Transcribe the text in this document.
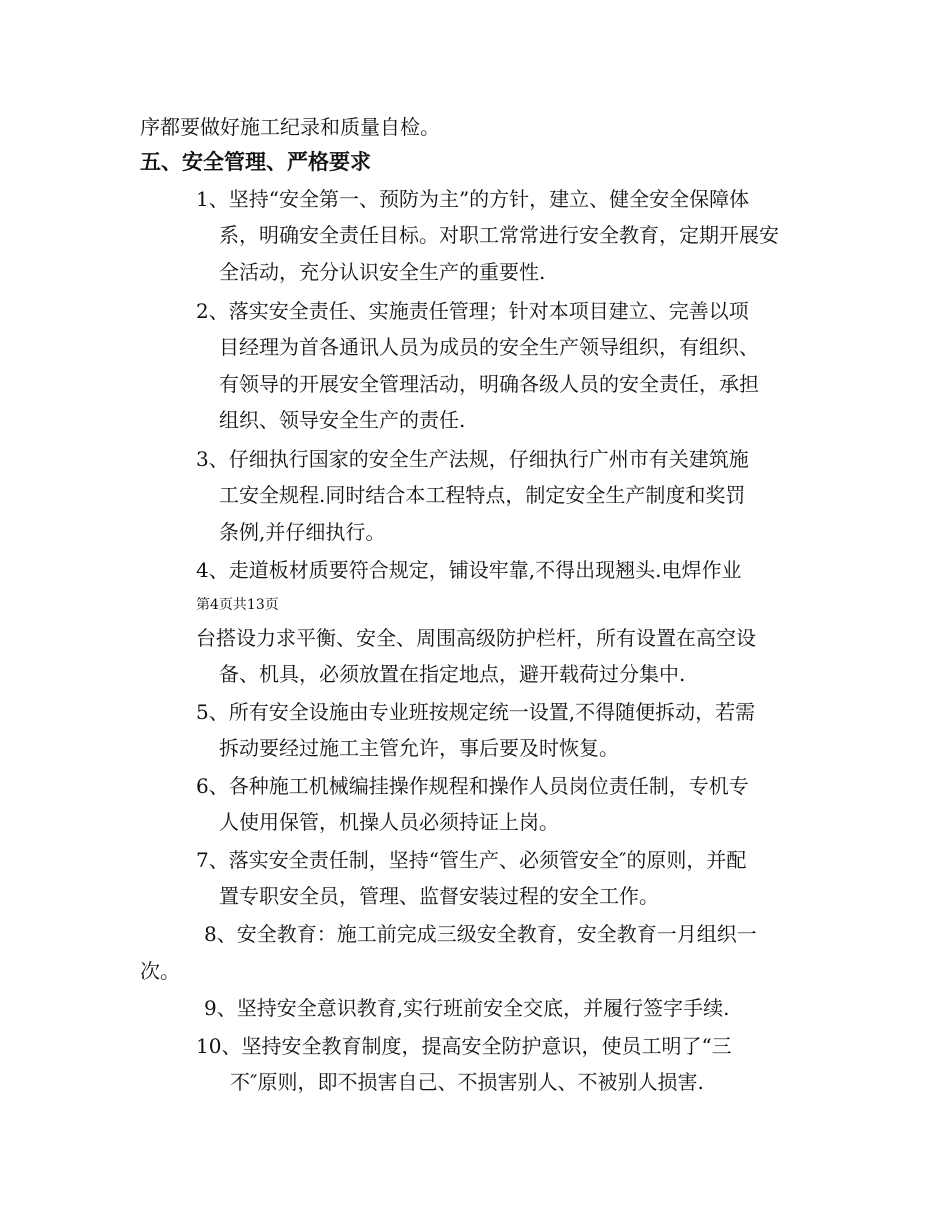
序都要做好施工纪录和质量自检。

五、安全管理、严格要求

1、坚持“安全第一、预防为主”的方针，建立、健全安全保障体

系，明确安全责任目标。对职工常常进行安全教育，定期开展安

全活动，充分认识安全生产的重要性.

2、落实安全责任、实施责任管理；针对本项目建立、完善以项

目经理为首各通讯人员为成员的安全生产领导组织，有组织、

有领导的开展安全管理活动，明确各级人员的安全责任，承担

组织、领导安全生产的责任.

3、仔细执行国家的安全生产法规，仔细执行广州市有关建筑施

工安全规程.同时结合本工程特点，制定安全生产制度和奖罚

条例,并仔细执行。

4、走道板材质要符合规定，铺设牢靠,不得出现翘头.电焊作业

第4页共13页

台搭设力求平衡、安全、周围高级防护栏杆，所有设置在高空设

备、机具，必须放置在指定地点，避开载荷过分集中.

5、所有安全设施由专业班按规定统一设置,不得随便拆动，若需

拆动要经过施工主管允许，事后要及时恢复。

6、各种施工机械编挂操作规程和操作人员岗位责任制，专机专

人使用保管，机操人员必须持证上岗。

7、落实安全责任制，坚持“管生产、必须管安全″的原则，并配

置专职安全员，管理、监督安装过程的安全工作。

8、安全教育：施工前完成三级安全教育，安全教育一月组织一

次。

9、坚持安全意识教育,实行班前安全交底，并履行签字手续.

10、坚持安全教育制度，提高安全防护意识，使员工明了“三

不″原则，即不损害自己、不损害别人、不被别人损害.
